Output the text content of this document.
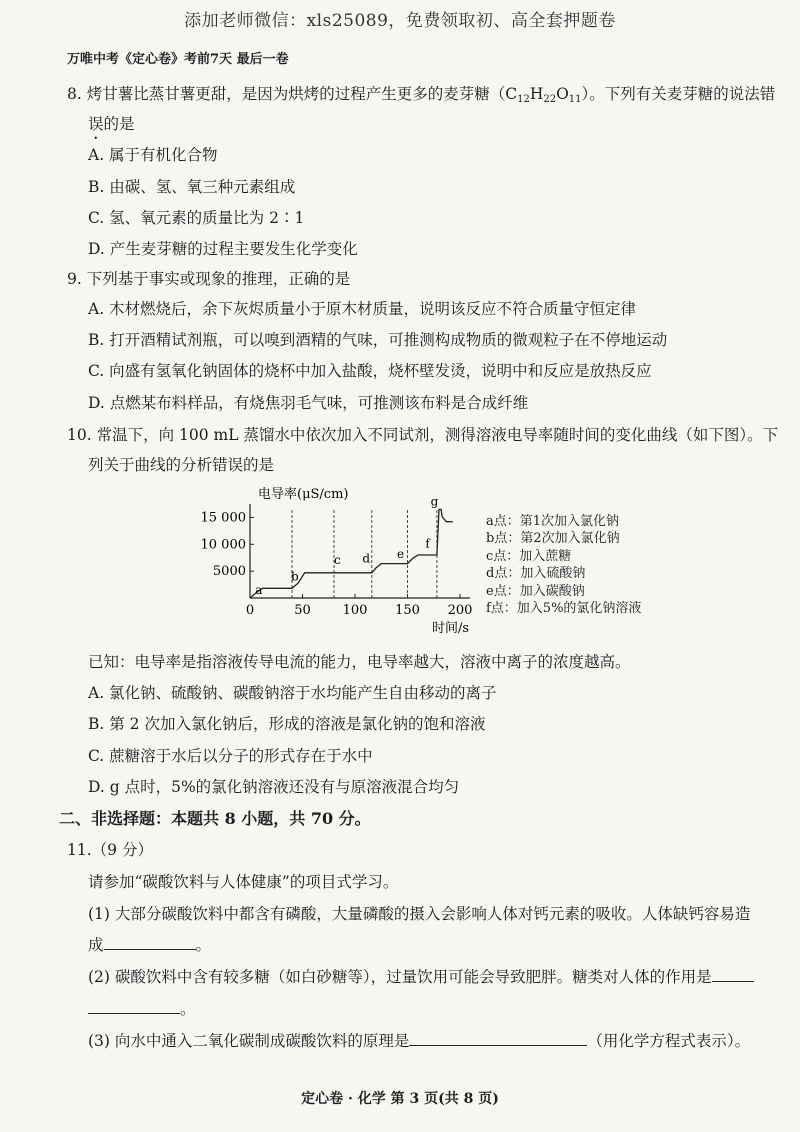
添加老师微信：xls25089，免费领取初、高全套押题卷
万唯中考《定心卷》考前7天 最后一卷
8. 烤甘薯比蒸甘薯更甜，是因为烘烤的过程产生更多的麦芽糖$(C_{12}H_{22}O_{11})$。下列有关麦芽糖的说法错
误的是
A. 属于有机化合物
B. 由碳、氢、氧三种元素组成
C. 氢、氧元素的质量比为 2∶1
D. 产生麦芽糖的过程主要发生化学变化
9. 下列基于事实或现象的推理，正确的是
A. 木材燃烧后，余下灰烬质量小于原木材质量，说明该反应不符合质量守恒定律
B. 打开酒精试剂瓶，可以嗅到酒精的气味，可推测构成物质的微观粒子在不停地运动
C. 向盛有氢氧化钠固体的烧杯中加入盐酸，烧杯壁发烫，说明中和反应是放热反应
D. 点燃某布料样品，有烧焦羽毛气味，可推测该布料是合成纤维
10. 常温下，向 100 mL 蒸馏水中依次加入不同试剂，测得溶液电导率随时间的变化曲线（如下图）。下
列关于曲线的分析错误的是
电导率(μS/cm)
5000
10 000
15 000
0	50 100 150 200
a
b
c d e
f
g
时间/s
a点：第1次加入氯化钠
b点：第2次加入氯化钠
c点：加入蔗糖
d点：加入硫酸钠
e点：加入碳酸钠
f点：加入5%的氯化钠溶液
已知：电导率是指溶液传导电流的能力，电导率越大，溶液中离子的浓度越高。
A. 氯化钠、硫酸钠、碳酸钠溶于水均能产生自由移动的离子
B. 第 2 次加入氯化钠后，形成的溶液是氯化钠的饱和溶液
C. 蔗糖溶于水后以分子的形式存在于水中
D. g 点时，5%的氯化钠溶液还没有与原溶液混合均匀
二、非选择题：本题共 8 小题，共 70 分。
11.（9 分）
请参加“碳酸饮料与人体健康”的项目式学习。
(1) 大部分碳酸饮料中都含有磷酸，大量磷酸的摄入会影响人体对钙元素的吸收。人体缺钙容易造
成	。
(2) 碳酸饮料中含有较多糖（如白砂糖等），过量饮用可能会导致肥胖。糖类对人体的作用是
。
(3) 向水中通入二氧化碳制成碳酸饮料的原理是	（用化学方程式表示）。
定心卷 · 化学 第 3 页(共 8 页)
